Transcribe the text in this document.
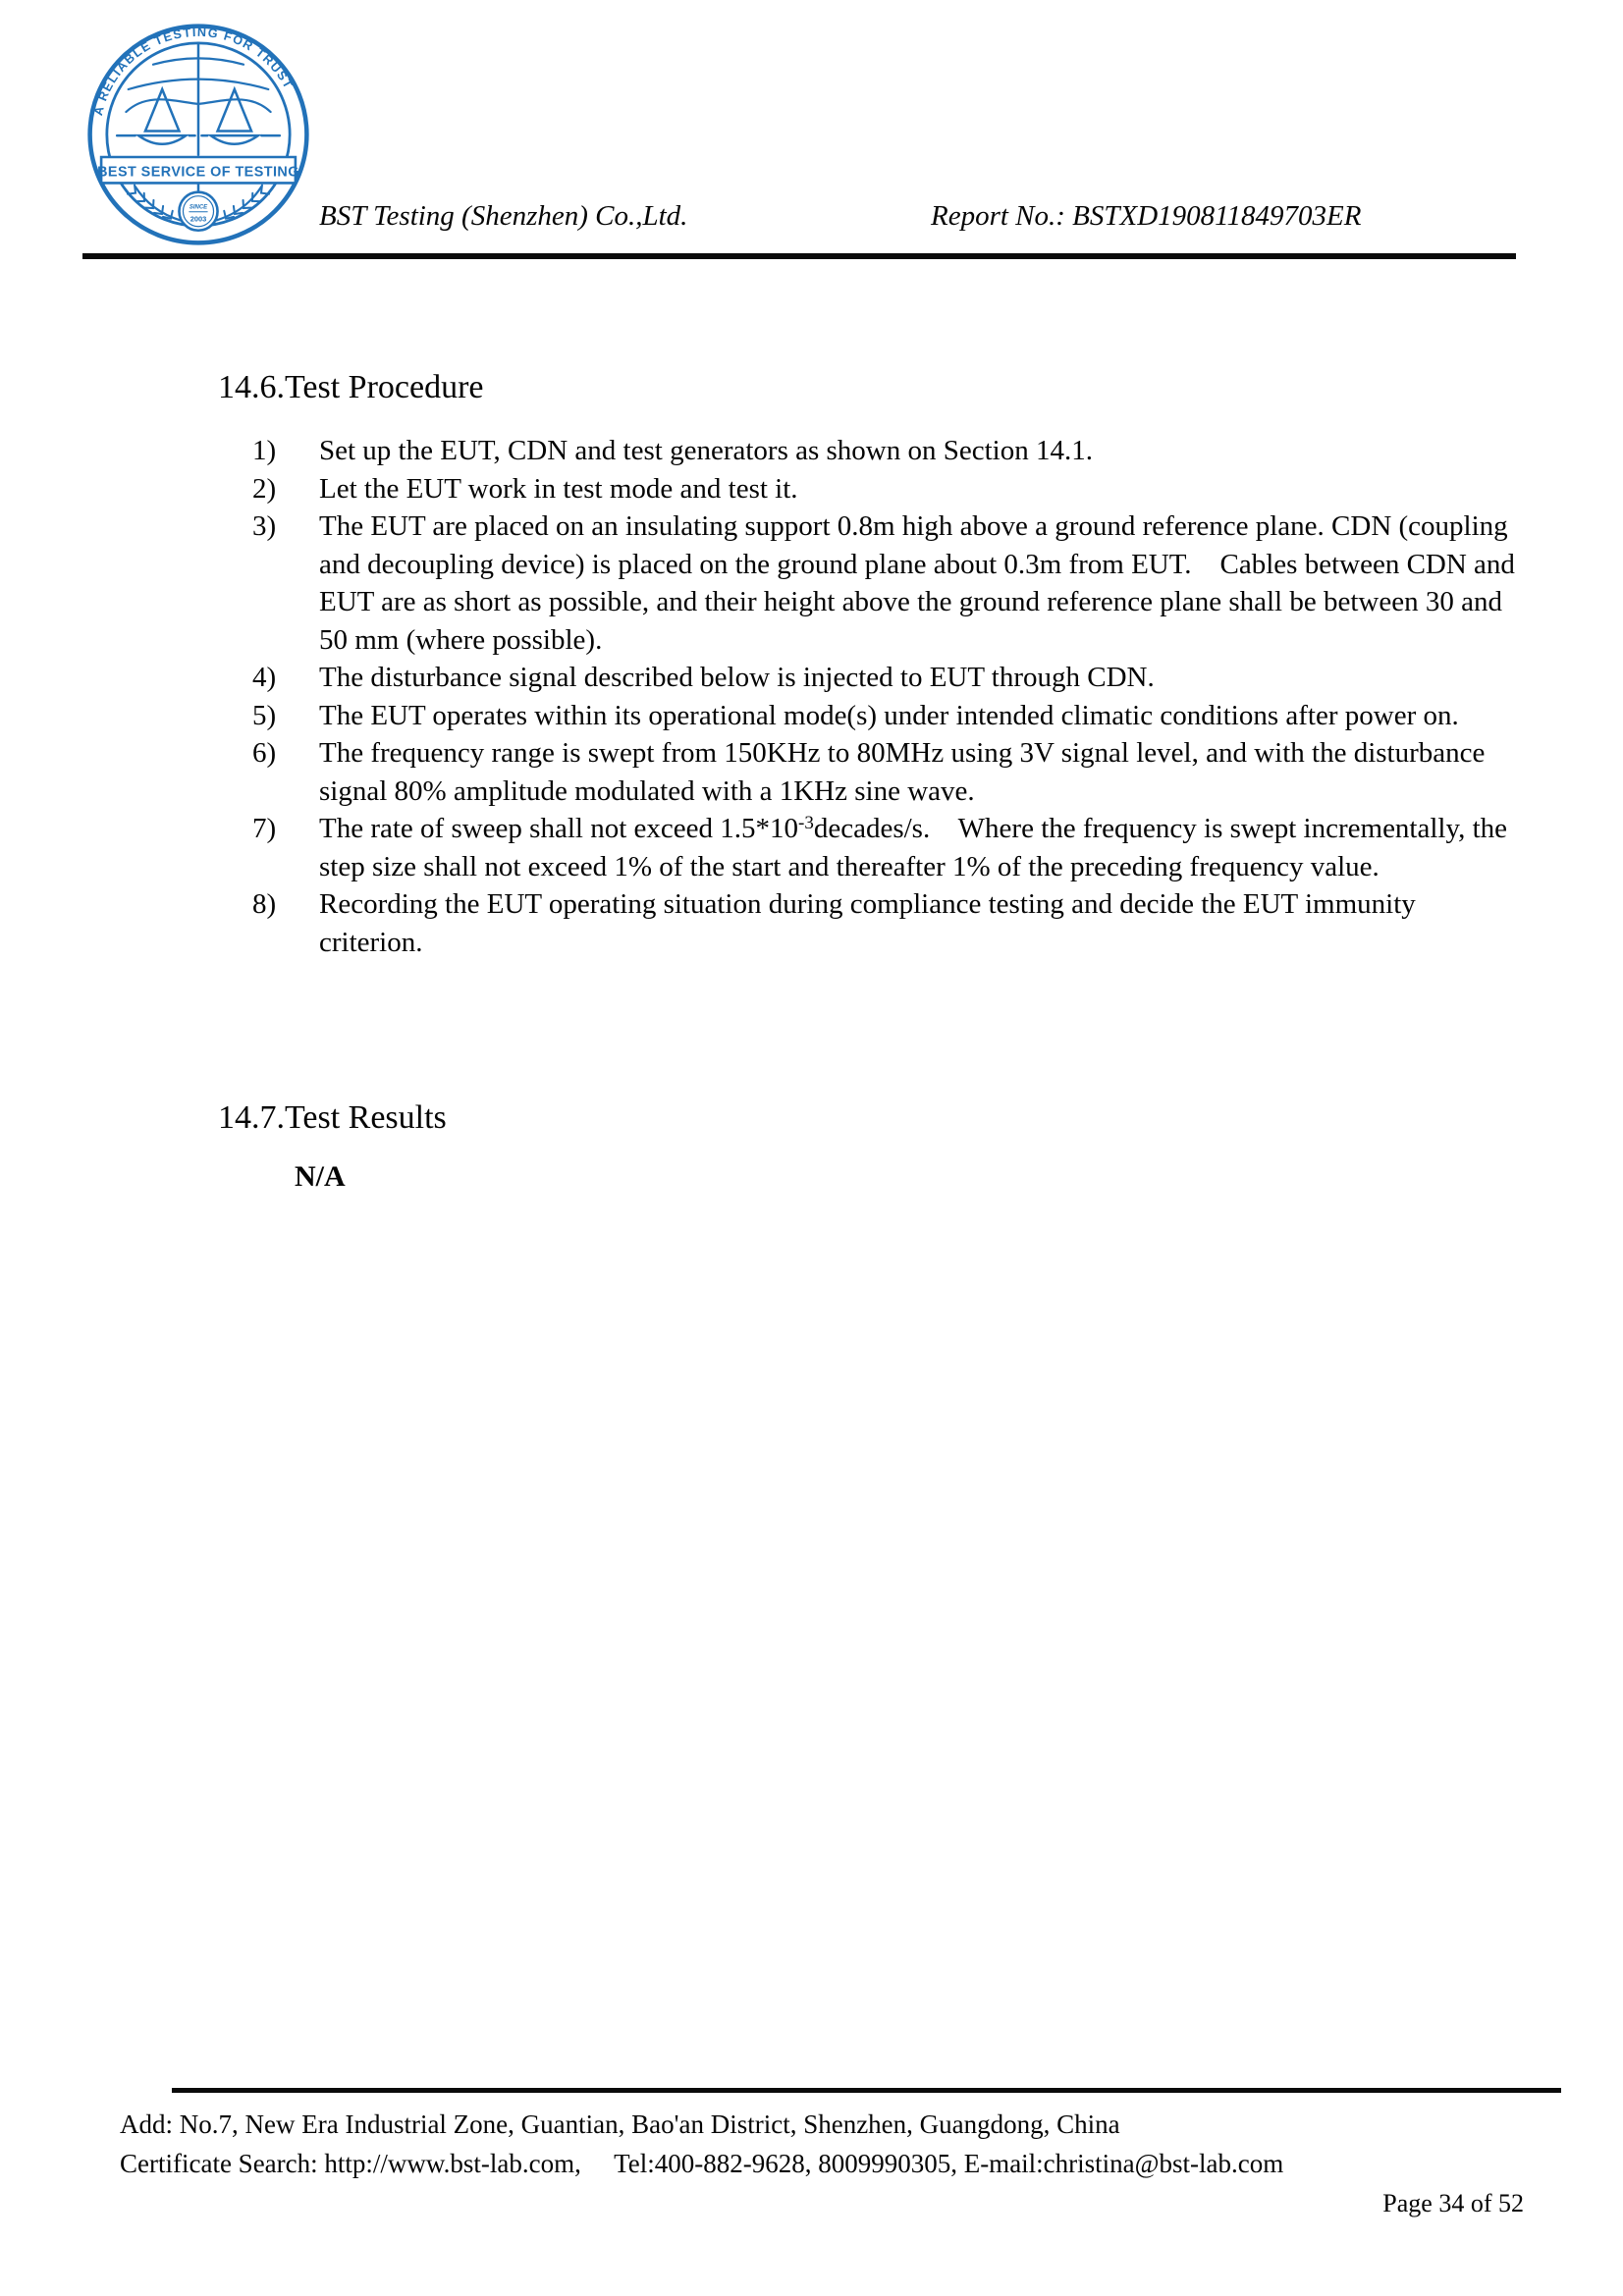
A RELIABLE TESTING FOR TRUST
BEST SERVICE OF TESTING
SINCE
2003	BST Testing (Shenzhen) Co.,Ltd.	Report No.: BSTXD190811849703ER
14.6.Test Procedure
1)	Set up the EUT, CDN and test generators as shown on Section 14.1.
2)	Let the EUT work in test mode and test it.
3)	The EUT are placed on an insulating support 0.8m high above a ground reference plane. CDN (coupling and decoupling device) is placed on the ground plane about 0.3m from EUT.    Cables between CDN and EUT are as short as possible, and their height above the ground reference plane shall be between 30 and 50 mm (where possible).
4)	The disturbance signal described below is injected to EUT through CDN.
5)	The EUT operates within its operational mode(s) under intended climatic conditions after power on.
6)	The frequency range is swept from 150KHz to 80MHz using 3V signal level, and with the disturbance signal 80% amplitude modulated with a 1KHz sine wave.
7)	The rate of sweep shall not exceed $1.5*10^{-3}decades/s$.    Where the frequency is swept incrementally, the step size shall not exceed 1% of the start and thereafter 1% of the preceding frequency value.
8)	Recording the EUT operating situation during compliance testing and decide the EUT immunity criterion.
14.7.Test Results
N/A
Add: No.7, New Era Industrial Zone, Guantian, Bao'an District, Shenzhen, Guangdong, China
Certificate Search: http://www.bst-lab.com,     Tel:400-882-9628, 8009990305, E-mail:christina@bst-lab.com
Page 34 of 52
